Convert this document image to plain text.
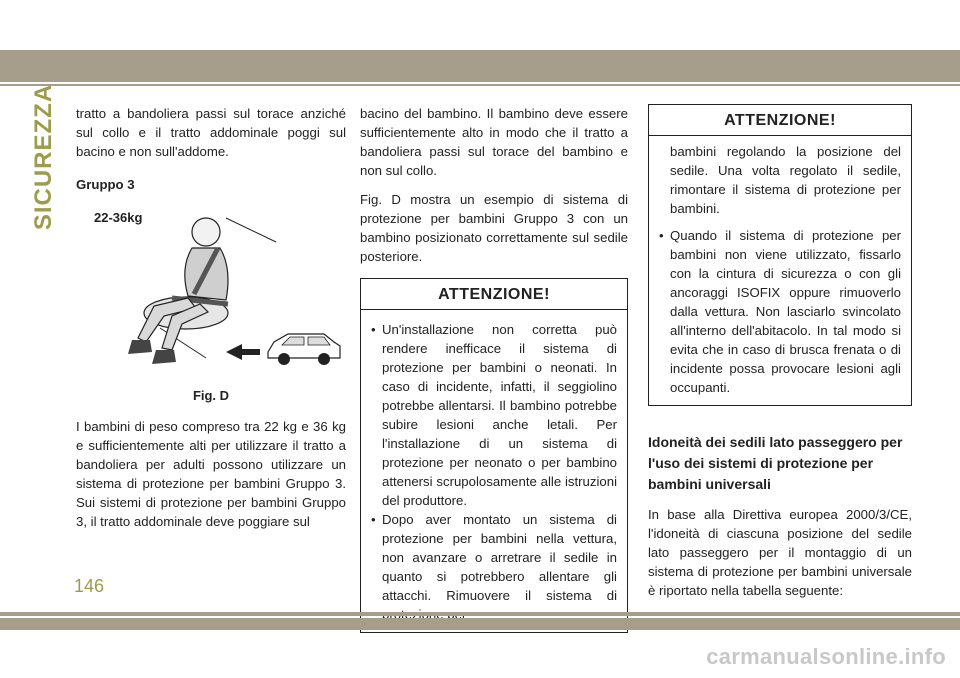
SICUREZZA tratto a bandoliera passi sul torace anziché sul collo e il tratto addominale poggi sul bacino e non sull'addome.

Gruppo 3
22-36kg
Fig. D

I bambini di peso compreso tra 22 kg e 36 kg e sufficientemente alti per utilizzare il tratto a bandoliera per adulti possono utilizzare un sistema di protezione per bambini Gruppo 3. Sui sistemi di protezione per bambini Gruppo 3, il tratto addominale deve poggiare sul

bacino del bambino. Il bambino deve essere sufficientemente alto in modo che il tratto a bandoliera passi sul torace del bambino e non sul collo.

Fig. D mostra un esempio di sistema di protezione per bambini Gruppo 3 con un bambino posizionato correttamente sul sedile posteriore.

ATTENZIONE!
• Un'installazione non corretta può rendere inefficace il sistema di protezione per bambini o neonati. In caso di incidente, infatti, il seggiolino potrebbe allentarsi. Il bambino potrebbe subire lesioni anche letali. Per l'installazione di un sistema di protezione per neonato o per bambino attenersi scrupolosamente alle istruzioni del produttore.
• Dopo aver montato un sistema di protezione per bambini nella vettura, non avanzare o arretrare il sedile in quanto si potrebbero allentare gli attacchi. Rimuovere il sistema di
ATTENZIONE!
bambini regolando la posizione del sedile. Una volta regolato il sedile, rimontare il sistema di protezione per bambini.
• Quando il sistema di protezione per bambini non viene utilizzato, fissarlo con la cintura di sicurezza o con gli ancoraggi ISOFIX oppure rimuoverlo dalla vettura. Non lasciarlo svincolato all'interno dell'abitacolo. In tal modo si evita che in caso di brusca frenata o di incidente possa provocare lesioni agli occupanti.
Idoneità dei sedili lato passeggero per l'uso dei sistemi di protezione per bambini universali

In base alla Direttiva europea 2000/3/CE, l'idoneità di ciascuna posizione del sedile lato passeggero per il montaggio di un sistema di protezione per bambini universale è riportato nella tabella seguente:

146
carmanualsonline.info
